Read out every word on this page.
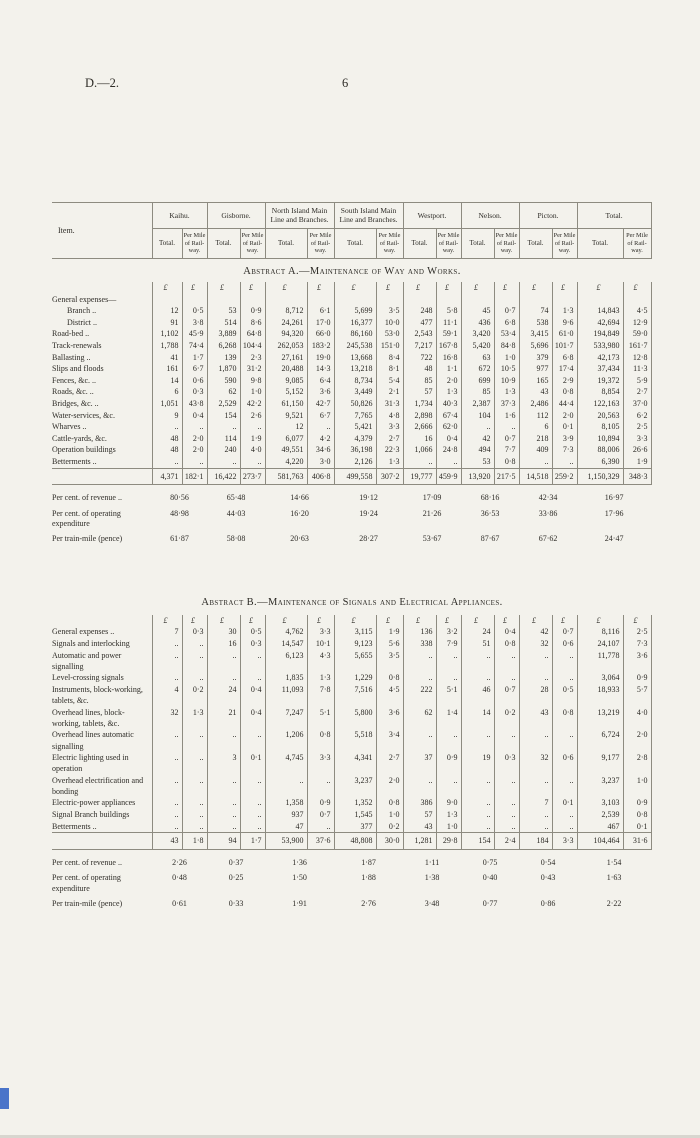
D.—2.	6
Item.	Kaihu.		Gisborne.		North Island Main Line and Branches.		South Island Main Line and Branches.		Westport.		Nelson.		Picton.		Total.	
	Total.	Per Mile of Rail-way.	Total.	Per Mile of Rail-way.	Total.	Per Mile of Rail-way.	Total.	Per Mile of Rail-way.	Total.	Per Mile of Rail-way.	Total.	Per Mile of Rail-way.	Total.	Per Mile of Rail-way.	Total.	Per Mile of Rail-way.
Abstract A.—Maintenance of Way and Works.
	£	£	£	£	£	£	£	£	£	£	£	£	£	£	£	£
General expenses—																
Branch ..	12	0·5	53	0·9	8,712	6·1	5,699	3·5	248	5·8	45	0·7	74	1·3	14,843	4·5
District ..	91	3·8	514	8·6	24,261	17·0	16,377	10·0	477	11·1	436	6·8	538	9·6	42,694	12·9
Road-bed ..	1,102	45·9	3,889	64·8	94,320	66·0	86,160	53·0	2,543	59·1	3,420	53·4	3,415	61·0	194,849	59·0
Track-renewals	1,788	74·4	6,268	104·4	262,053	183·2	245,538	151·0	7,217	167·8	5,420	84·8	5,696	101·7	533,980	161·7
Ballasting ..	41	1·7	139	2·3	27,161	19·0	13,668	8·4	722	16·8	63	1·0	379	6·8	42,173	12·8
Slips and floods	161	6·7	1,870	31·2	20,488	14·3	13,218	8·1	48	1·1	672	10·5	977	17·4	37,434	11·3
Fences, &c. ..	14	0·6	590	9·8	9,085	6·4	8,734	5·4	85	2·0	699	10·9	165	2·9	19,372	5·9
Roads, &c. ..	6	0·3	62	1·0	5,152	3·6	3,449	2·1	57	1·3	85	1·3	43	0·8	8,854	2·7
Bridges, &c. ..	1,051	43·8	2,529	42·2	61,150	42·7	50,826	31·3	1,734	40·3	2,387	37·3	2,486	44·4	122,163	37·0
Water-services, &c.	9	0·4	154	2·6	9,521	6·7	7,765	4·8	2,898	67·4	104	1·6	112	2·0	20,563	6·2
Wharves ..	..	..	..	..	12	..	5,421	3·3	2,666	62·0	..	..	6	0·1	8,105	2·5
Cattle-yards, &c.	48	2·0	114	1·9	6,077	4·2	4,379	2·7	16	0·4	42	0·7	218	3·9	10,894	3·3
Operation buildings	48	2·0	240	4·0	49,551	34·6	36,198	22·3	1,066	24·8	494	7·7	409	7·3	88,006	26·6
Betterments ..	..	..	..	..	4,220	3·0	2,126	1·3	..	..	53	0·8	..	..	6,390	1·9
	4,371	182·1	16,422	273·7	581,763	406·8	499,558	307·2	19,777	459·9	13,920	217·5	14,518	259·2	1,150,329	348·3
Per cent. of revenue ..	80·56	65·48	14·66	19·12	17·09	68·16	42·34	16·97
Per cent. of operating expenditure	48·98	44·03	16·20	19·24	21·26	36·53	33·86	17·96
Per train-mile (pence)	61·87	58·08	20·63	28·27	53·67	87·67	67·62	24·47
Abstract B.—Maintenance of Signals and Electrical Appliances.
	£	£	£	£	£	£	£	£	£	£	£	£	£	£	£	£
General expenses ..	7	0·3	30	0·5	4,762	3·3	3,115	1·9	136	3·2	24	0·4	42	0·7	8,116	2·5
Signals and interlocking	..	..	16	0·3	14,547	10·1	9,123	5·6	338	7·9	51	0·8	32	0·6	24,107	7·3
Automatic and power signalling	..	..	..	..	6,123	4·3	5,655	3·5	..	..	..	..	..	..	11,778	3·6
Level-crossing signals	..	..	..	..	1,835	1·3	1,229	0·8	..	..	..	..	..	..	3,064	0·9
Instruments, block-working, tablets, &c.	4	0·2	24	0·4	11,093	7·8	7,516	4·5	222	5·1	46	0·7	28	0·5	18,933	5·7
Overhead lines, block-working, tablets, &c.	32	1·3	21	0·4	7,247	5·1	5,800	3·6	62	1·4	14	0·2	43	0·8	13,219	4·0
Overhead lines automatic signalling	..	..	..	..	1,206	0·8	5,518	3·4	..	..	..	..	..	..	6,724	2·0
Electric lighting used in operation	..	..	3	0·1	4,745	3·3	4,341	2·7	37	0·9	19	0·3	32	0·6	9,177	2·8
Overhead electrification and bonding	..	..	..	..	..	..	3,237	2·0	..	..	..	..	..	..	3,237	1·0
Electric-power appliances	..	..	..	..	1,358	0·9	1,352	0·8	386	9·0	..	..	7	0·1	3,103	0·9
Signal Branch buildings	..	..	..	..	937	0·7	1,545	1·0	57	1·3	..	..	..	..	2,539	0·8
Betterments ..	..	..	..	..	47	..	377	0·2	43	1·0	..	..	..	..	467	0·1
	43	1·8	94	1·7	53,900	37·6	48,808	30·0	1,281	29·8	154	2·4	184	3·3	104,464	31·6
Per cent. of revenue ..	2·26	0·37	1·36	1·87	1·11	0·75	0·54	1·54
Per cent. of operating expenditure	0·48	0·25	1·50	1·88	1·38	0·40	0·43	1·63
Per train-mile (pence)	0·61	0·33	1·91	2·76	3·48	0·77	0·86	2·22
